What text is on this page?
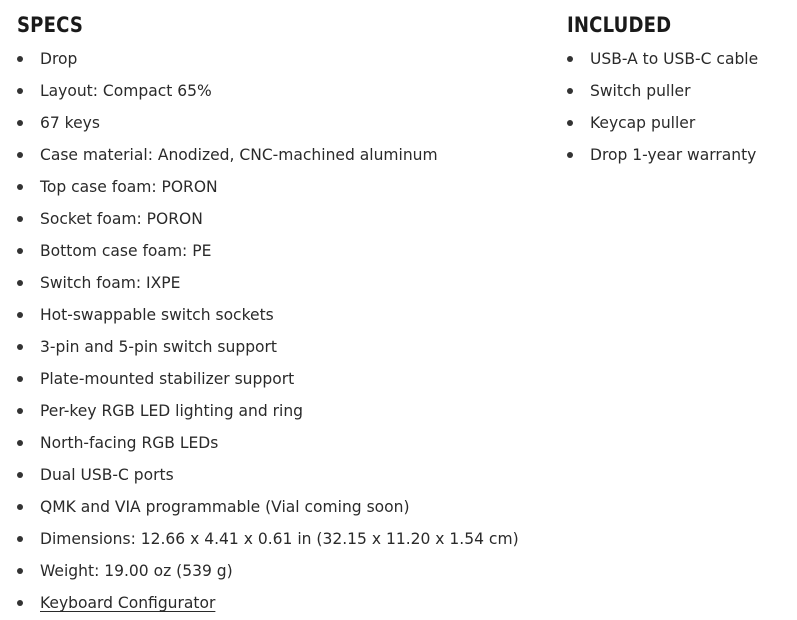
SPECS
Drop
Layout: Compact 65%
67 keys
Case material: Anodized, CNC-machined aluminum
Top case foam: PORON
Socket foam: PORON
Bottom case foam: PE
Switch foam: IXPE
Hot-swappable switch sockets
3-pin and 5-pin switch support
Plate-mounted stabilizer support
Per-key RGB LED lighting and ring
North-facing RGB LEDs
Dual USB-C ports
QMK and VIA programmable (Vial coming soon)
Dimensions: 12.66 x 4.41 x 0.61 in (32.15 x 11.20 x 1.54 cm)
Weight: 19.00 oz (539 g)
Keyboard Configurator
INCLUDED
USB-A to USB-C cable
Switch puller
Keycap puller
Drop 1-year warranty
